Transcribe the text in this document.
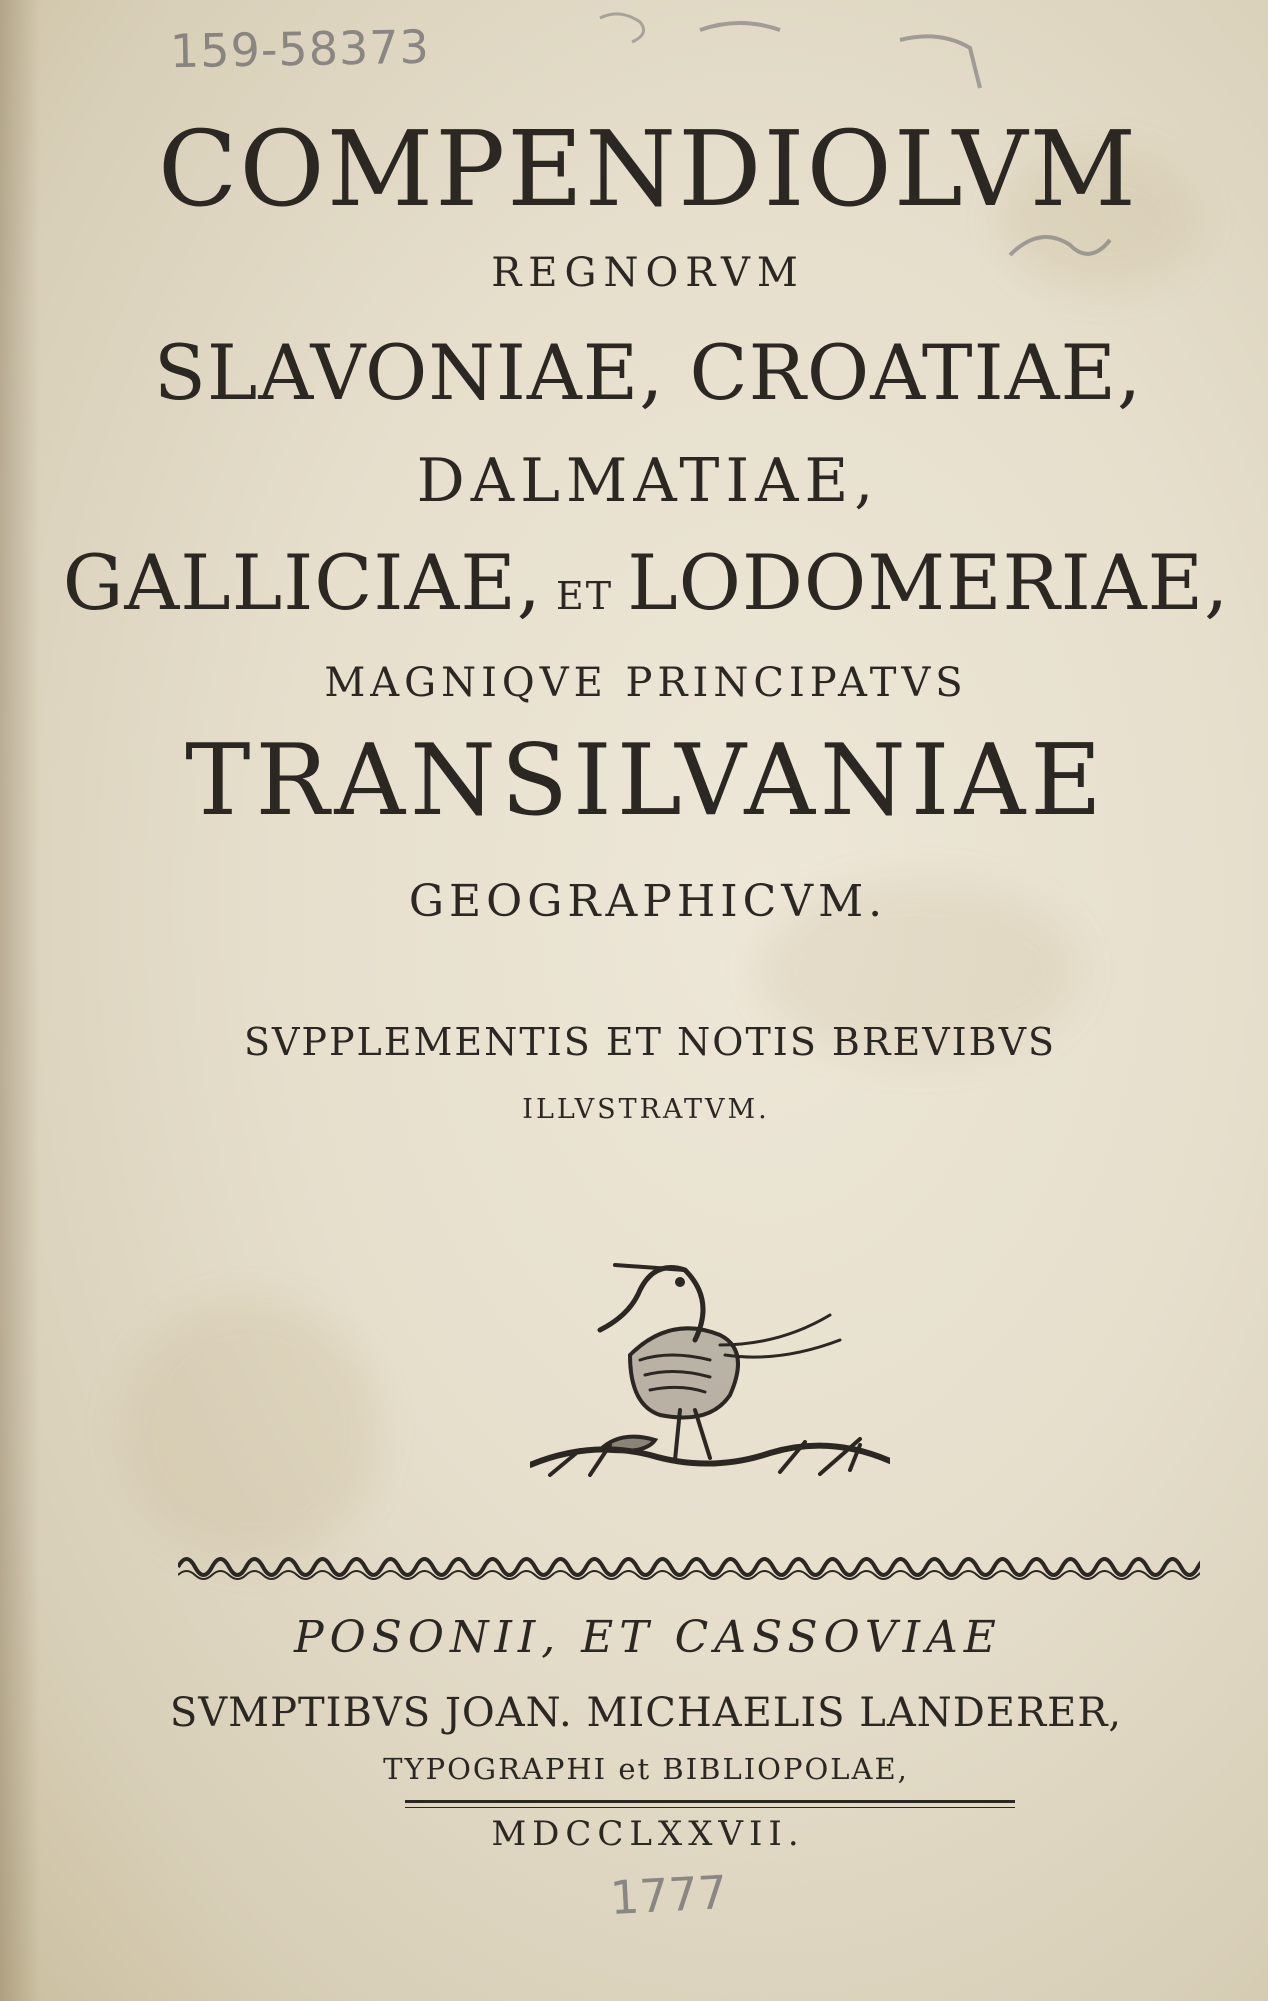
159-58373
1777
COMPENDIOLVM
REGNORVM
SLAVONIAE, CROATIAE,
DALMATIAE,
GALLICIAE, ET LODOMERIAE,
MAGNIQVE PRINCIPATVS
TRANSILVANIAE
GEOGRAPHICVM.
SVPPLEMENTIS ET NOTIS BREVIBVS
ILLVSTRATVM.
POSONII, ET CASSOVIAE
SVMPTIBVS JOAN. MICHAELIS LANDERER,
TYPOGRAPHI et BIBLIOPOLAE,
MDCCLXXVII.
